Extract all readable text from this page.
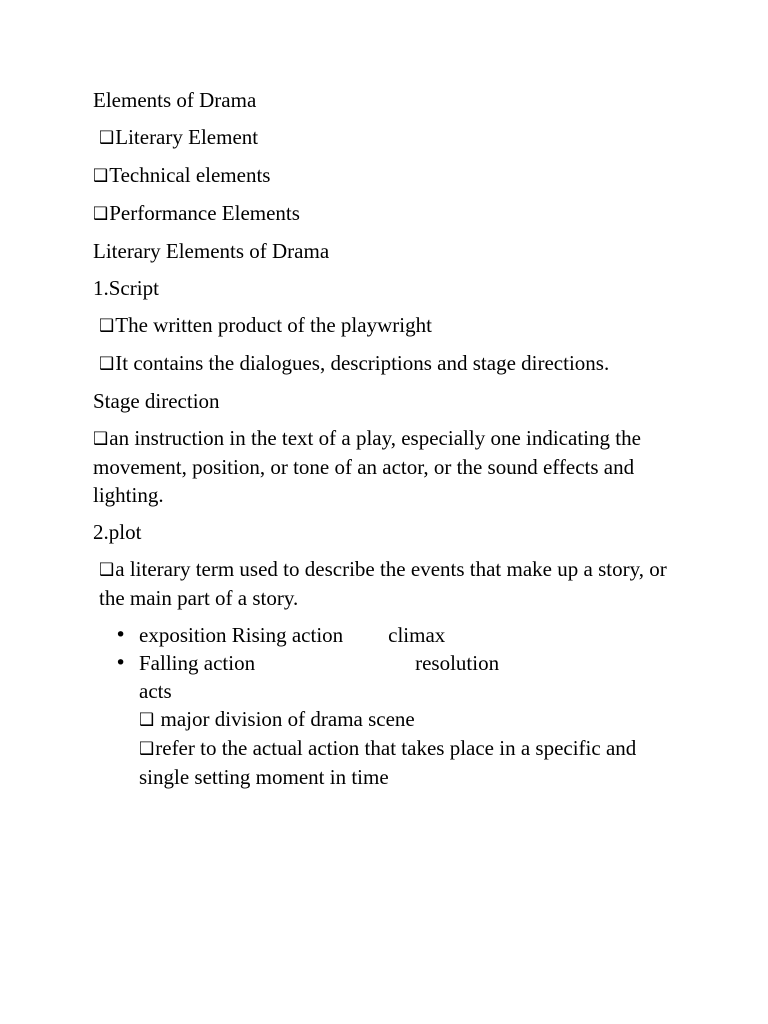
Elements of Drama

❑Literary Element

❑Technical elements

❑Performance Elements

Literary Elements of Drama

1.Script

❑The written product of the playwright

❑It contains the dialogues, descriptions and stage directions.

Stage direction

❑an instruction in the text of a play, especially one indicating the movement, position, or tone of an actor, or the sound effects and lighting.

2.plot

❑a literary term used to describe the events that make up a story, or the main part of a story.

• exposition Rising action climax
• Falling action	resolution

acts

❑ major division of drama scene

❑refer to the actual action that takes place in a specific and single setting moment in time
